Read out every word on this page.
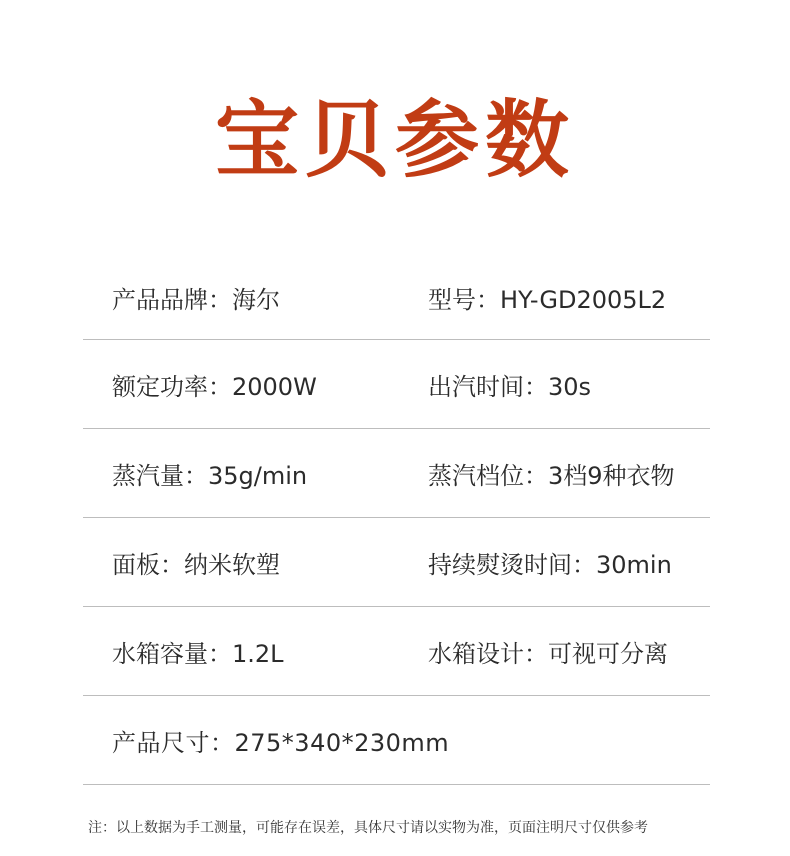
宝贝参数
产品品牌：海尔	型号：HY-GD2005L2
额定功率：2000W	出汽时间：30s
蒸汽量：35g/min	蒸汽档位：3档9种衣物
面板：纳米软塑	持续熨烫时间：30min
水箱容量：1.2L	水箱设计：可视可分离
产品尺寸：275*340*230mm
注：以上数据为手工测量，可能存在误差，具体尺寸请以实物为准，页面注明尺寸仅供参考
